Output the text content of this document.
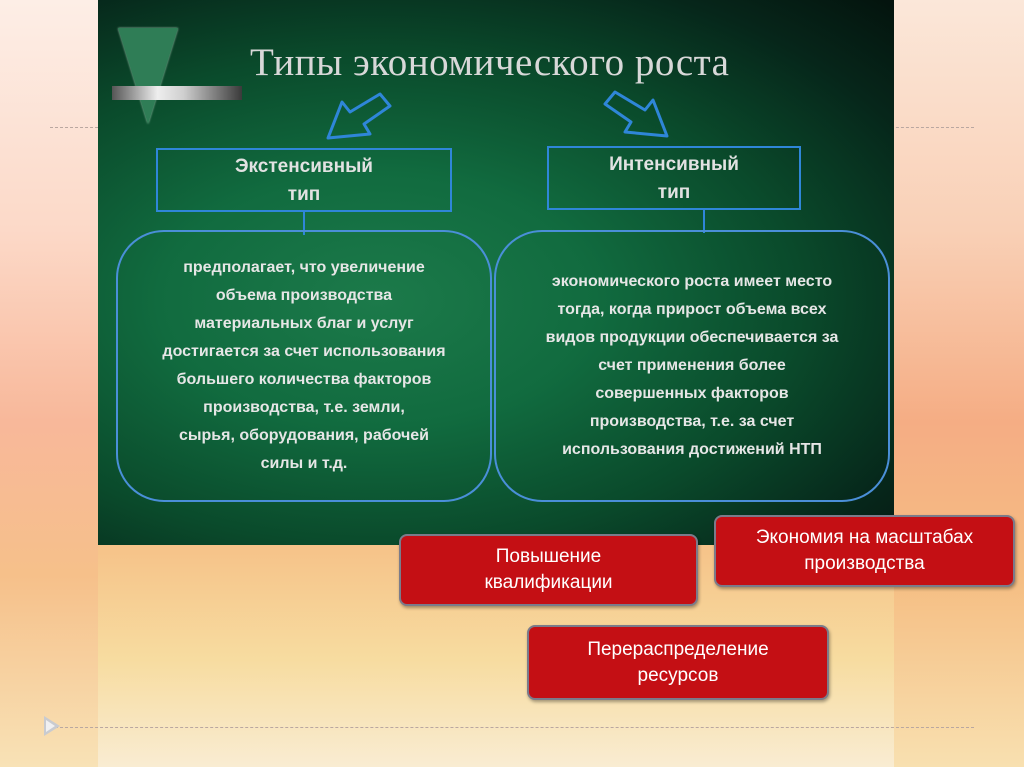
Типы экономического роста
Экстенсивный
тип
Интенсивный
тип
предполагает, что увеличение
объема производства
материальных благ и услуг
достигается за счет использования
большего количества факторов
производства, т.е. земли,
сырья, оборудования, рабочей
силы и т.д.
экономического роста имеет место
тогда, когда прирост объема всех
видов продукции обеспечивается за
счет применения более
совершенных факторов
производства, т.е. за счет
использования достижений НТП
Повышение
квалификации
Экономия на масштабах
производства
Перераспределение
ресурсов
